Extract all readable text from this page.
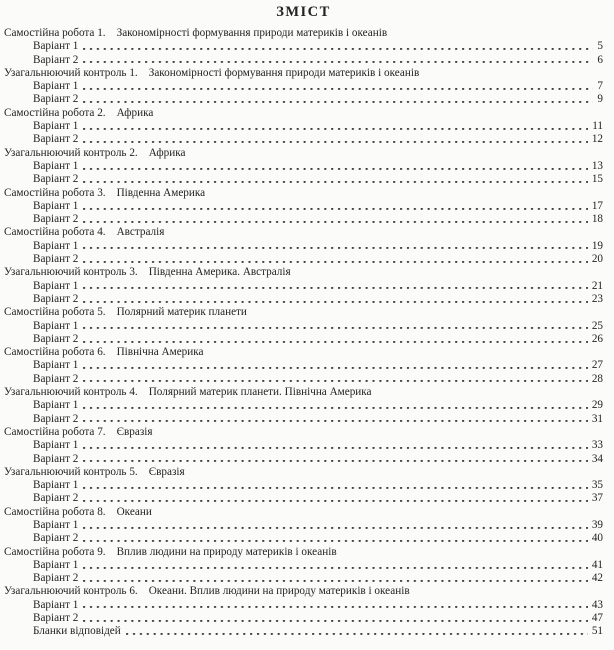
ЗМІСТ
Самостійна робота 1. Закономірності формування природи материків і океанів
Варіант 1	5
Варіант 2	6
Узагальнюючий контроль 1. Закономірності формування природи материків і океанів
Варіант 1	7
Варіант 2	9
Самостійна робота 2. Африка
Варіант 1	11
Варіант 2	12
Узагальнюючий контроль 2. Африка
Варіант 1	13
Варіант 2	15
Самостійна робота 3. Південна Америка
Варіант 1	17
Варіант 2	18
Самостійна робота 4. Австралія
Варіант 1	19
Варіант 2	20
Узагальнюючий контроль 3. Південна Америка. Австралія
Варіант 1	21
Варіант 2	23
Самостійна робота 5. Полярний материк планети
Варіант 1	25
Варіант 2	26
Самостійна робота 6. Північна Америка
Варіант 1	27
Варіант 2	28
Узагальнюючий контроль 4. Полярний материк планети. Північна Америка
Варіант 1	29
Варіант 2	31
Самостійна робота 7. Євразія
Варіант 1	33
Варіант 2	34
Узагальнюючий контроль 5. Євразія
Варіант 1	35
Варіант 2	37
Самостійна робота 8. Океани
Варіант 1	39
Варіант 2	40
Самостійна робота 9. Вплив людини на природу материків і океанів
Варіант 1	41
Варіант 2	42
Узагальнюючий контроль 6. Океани. Вплив людини на природу материків і океанів
Варіант 1	43
Варіант 2	47
Бланки відповідей	51
